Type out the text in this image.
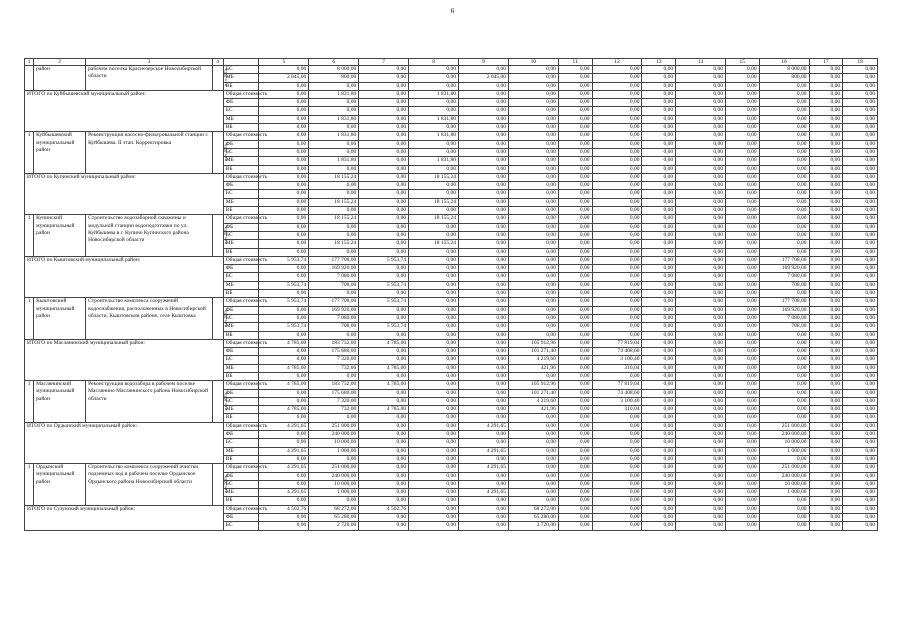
6
1	2	3	4		5	6	7	8	9	10	11	12	13	14	15	16	17	18
	район	рабочем поселка Краснозерское Новосибирской области	в т.ч. 2023г.	БС	0,00	8 000,00	0,00	0,00	0,00	0,00	0,00	0,00	0,00	0,00	0,00	8 000,00	0,00	0,00
				МБ	2 045,00	800,00	0,00	0,00	2 045,00	0,00	0,00	0,00	0,00	0,00	0,00	800,00	0,00	0,00
				ВБ	0,00	0,00	0,00	0,00	0,00	0,00	0,00	0,00	0,00	0,00	0,00	0,00	0,00	0,00
ИТОГО по Куйбышевский муниципальный район:				Общая стоимость	0,00	1 831,80	0,00	1 831,80	0,00	0,00	0,00	0,00	0,00	0,00	0,00	0,00	0,00	0,00
				ФБ	0,00	0,00	0,00	0,00	0,00	0,00	0,00	0,00	0,00	0,00	0,00	0,00	0,00	0,00
				БС	0,00	0,00	0,00	0,00	0,00	0,00	0,00	0,00	0,00	0,00	0,00	0,00	0,00	0,00
				МБ	0,00	1 831,80	0,00	1 831,80	0,00	0,00	0,00	0,00	0,00	0,00	0,00	0,00	0,00	0,00
				ВБ	0,00	0,00	0,00	0,00	0,00	0,00	0,00	0,00	0,00	0,00	0,00	0,00	0,00	0,00
1	Куйбышевский муниципальный район	Реконструкция насосно-фильтровальной станции г. Куйбышева. II этап. Корректировка	в т.ч. 2023г.	Общая стоимость	0,00	1 831,80	0,00	1 831,80	0,00	0,00	0,00	0,00	0,00	0,00	0,00	0,00	0,00	0,00
				ФБ	0,00	0,00	0,00	0,00	0,00	0,00	0,00	0,00	0,00	0,00	0,00	0,00	0,00	0,00
				БС	0,00	0,00	0,00	0,00	0,00	0,00	0,00	0,00	0,00	0,00	0,00	0,00	0,00	0,00
				МБ	0,00	1 831,80	0,00	1 831,80	0,00	0,00	0,00	0,00	0,00	0,00	0,00	0,00	0,00	0,00
				ВБ	0,00	0,00	0,00	0,00	0,00	0,00	0,00	0,00	0,00	0,00	0,00	0,00	0,00	0,00
ИТОГО по Купинский муниципальный район:				Общая стоимость	0,00	18 155,24	0,00	18 155,24	0,00	0,00	0,00	0,00	0,00	0,00	0,00	0,00	0,00	0,00
				ФБ	0,00	0,00	0,00	0,00	0,00	0,00	0,00	0,00	0,00	0,00	0,00	0,00	0,00	0,00
				БС	0,00	0,00	0,00	0,00	0,00	0,00	0,00	0,00	0,00	0,00	0,00	0,00	0,00	0,00
				МБ	0,00	18 155,24	0,00	18 155,24	0,00	0,00	0,00	0,00	0,00	0,00	0,00	0,00	0,00	0,00
				ВБ	0,00	0,00	0,00	0,00	0,00	0,00	0,00	0,00	0,00	0,00	0,00	0,00	0,00	0,00
1	Купинский муниципальный район	Строительство водозаборной скважины и модульной станции водоподготовки по ул. Куйбышева в г. Купино Купинского района Новосибирской области	в т.ч. 2023г.	Общая стоимость	0,00	18 155,24	0,00	18 155,24	0,00	0,00	0,00	0,00	0,00	0,00	0,00	0,00	0,00	0,00
				ФБ	0,00	0,00	0,00	0,00	0,00	0,00	0,00	0,00	0,00	0,00	0,00	0,00	0,00	0,00
				БС	0,00	0,00	0,00	0,00	0,00	0,00	0,00	0,00	0,00	0,00	0,00	0,00	0,00	0,00
				МБ	0,00	18 155,24	0,00	18 155,24	0,00	0,00	0,00	0,00	0,00	0,00	0,00	0,00	0,00	0,00
				ВБ	0,00	0,00	0,00	0,00	0,00	0,00	0,00	0,00	0,00	0,00	0,00	0,00	0,00	0,00
ИТОГО по Кыштовский муниципальный район:				Общая стоимость	5 953,74	177 708,00	5 953,74	0,00	0,00	0,00	0,00	0,00	0,00	0,00	0,00	177 708,00	0,00	0,00
				ФБ	0,00	169 920,00	0,00	0,00	0,00	0,00	0,00	0,00	0,00	0,00	0,00	169 920,00	0,00	0,00
				БС	0,00	7 080,00	0,00	0,00	0,00	0,00	0,00	0,00	0,00	0,00	0,00	7 080,00	0,00	0,00
				МБ	5 953,74	708,00	5 953,74	0,00	0,00	0,00	0,00	0,00	0,00	0,00	0,00	708,00	0,00	0,00
				ВБ	0,00	0,00	0,00	0,00	0,00	0,00	0,00	0,00	0,00	0,00	0,00	0,00	0,00	0,00
1	Кыштовский муниципальный район	Строительство комплекса сооружений водоснабжения, расположенных в Новосибирской области, Кыштовском районе, селе Кыштовка	в т.ч. 2023г.	Общая стоимость	5 953,74	177 708,00	5 953,74	0,00	0,00	0,00	0,00	0,00	0,00	0,00	0,00	177 708,00	0,00	0,00
				ФБ	0,00	169 920,00	0,00	0,00	0,00	0,00	0,00	0,00	0,00	0,00	0,00	169 920,00	0,00	0,00
				БС	0,00	7 080,00	0,00	0,00	0,00	0,00	0,00	0,00	0,00	0,00	0,00	7 080,00	0,00	0,00
				МБ	5 953,74	708,00	5 953,74	0,00	0,00	0,00	0,00	0,00	0,00	0,00	0,00	708,00	0,00	0,00
				ВБ	0,00	0,00	0,00	0,00	0,00	0,00	0,00	0,00	0,00	0,00	0,00	0,00	0,00	0,00
ИТОГО по Маслянинский муниципальный район:				Общая стоимость	4 785,00	183 732,00	4 785,00	0,00	0,00	105 912,96	0,00	77 819,04	0,00	0,00	0,00	0,00	0,00	0,00
				ФБ	0,00	175 680,00	0,00	0,00	0,00	101 271,40	0,00	74 408,60	0,00	0,00	0,00	0,00	0,00	0,00
				БС	0,00	7 320,00	0,00	0,00	0,00	4 219,60	0,00	3 100,40	0,00	0,00	0,00	0,00	0,00	0,00
				МБ	4 785,00	732,00	4 785,00	0,00	0,00	421,96	0,00	310,04	0,00	0,00	0,00	0,00	0,00	0,00
				ВБ	0,00	0,00	0,00	0,00	0,00	0,00	0,00	0,00	0,00	0,00	0,00	0,00	0,00	0,00
1	Маслянинский муниципальный район	Реконструкция водозабора в рабочем поселке Маслянино Маслянинского района Новосибирской области	в т.ч. 2023г.	Общая стоимость	4 785,00	183 732,00	4 785,00	0,00	0,00	105 912,96	0,00	77 819,04	0,00	0,00	0,00	0,00	0,00	0,00
				ФБ	0,00	175 680,00	0,00	0,00	0,00	101 271,40	0,00	74 408,60	0,00	0,00	0,00	0,00	0,00	0,00
				БС	0,00	7 320,00	0,00	0,00	0,00	4 219,60	0,00	3 100,40	0,00	0,00	0,00	0,00	0,00	0,00
				МБ	4 785,00	732,00	4 785,00	0,00	0,00	421,96	0,00	310,04	0,00	0,00	0,00	0,00	0,00	0,00
				ВБ	0,00	0,00	0,00	0,00	0,00	0,00	0,00	0,00	0,00	0,00	0,00	0,00	0,00	0,00
ИТОГО по Ордынский муниципальный район:				Общая стоимость	4 291,65	251 000,00	0,00	0,00	4 291,65	0,00	0,00	0,00	0,00	0,00	0,00	251 000,00	0,00	0,00
				ФБ	0,00	240 000,00	0,00	0,00	0,00	0,00	0,00	0,00	0,00	0,00	0,00	240 000,00	0,00	0,00
				БС	0,00	10 000,00	0,00	0,00	0,00	0,00	0,00	0,00	0,00	0,00	0,00	10 000,00	0,00	0,00
				МБ	4 291,65	1 000,00	0,00	0,00	4 291,65	0,00	0,00	0,00	0,00	0,00	0,00	1 000,00	0,00	0,00
				ВБ	0,00	0,00	0,00	0,00	0,00	0,00	0,00	0,00	0,00	0,00	0,00	0,00	0,00	0,00
1	Ордынский муниципальный район	Строительство комплекса сооружений очистки подземных вод в рабочем поселке Ордынское Ордынского района Новосибирской области	в т.ч. 2023г.	Общая стоимость	4 291,65	251 000,00	0,00	0,00	4 291,65	0,00	0,00	0,00	0,00	0,00	0,00	251 000,00	0,00	0,00
				ФБ	0,00	240 000,00	0,00	0,00	0,00	0,00	0,00	0,00	0,00	0,00	0,00	240 000,00	0,00	0,00
				БС	0,00	10 000,00	0,00	0,00	0,00	0,00	0,00	0,00	0,00	0,00	0,00	10 000,00	0,00	0,00
				МБ	4 291,65	1 000,00	0,00	0,00	4 291,65	0,00	0,00	0,00	0,00	0,00	0,00	1 000,00	0,00	0,00
				ВБ	0,00	0,00	0,00	0,00	0,00	0,00	0,00	0,00	0,00	0,00	0,00	0,00	0,00	0,00
ИТОГО по Сузунский муниципальный район:				Общая стоимость	4 502,76	68 272,00	4 502,76	0,00	0,00	68 272,00	0,00	0,00	0,00	0,00	0,00	0,00	0,00	0,00
				ФБ	0,00	65 280,00	0,00	0,00	0,00	65 280,00	0,00	0,00	0,00	0,00	0,00	0,00	0,00	0,00
				БС	0,00	2 720,00	0,00	0,00	0,00	2 720,00	0,00	0,00	0,00	0,00	0,00	0,00	0,00	0,00
